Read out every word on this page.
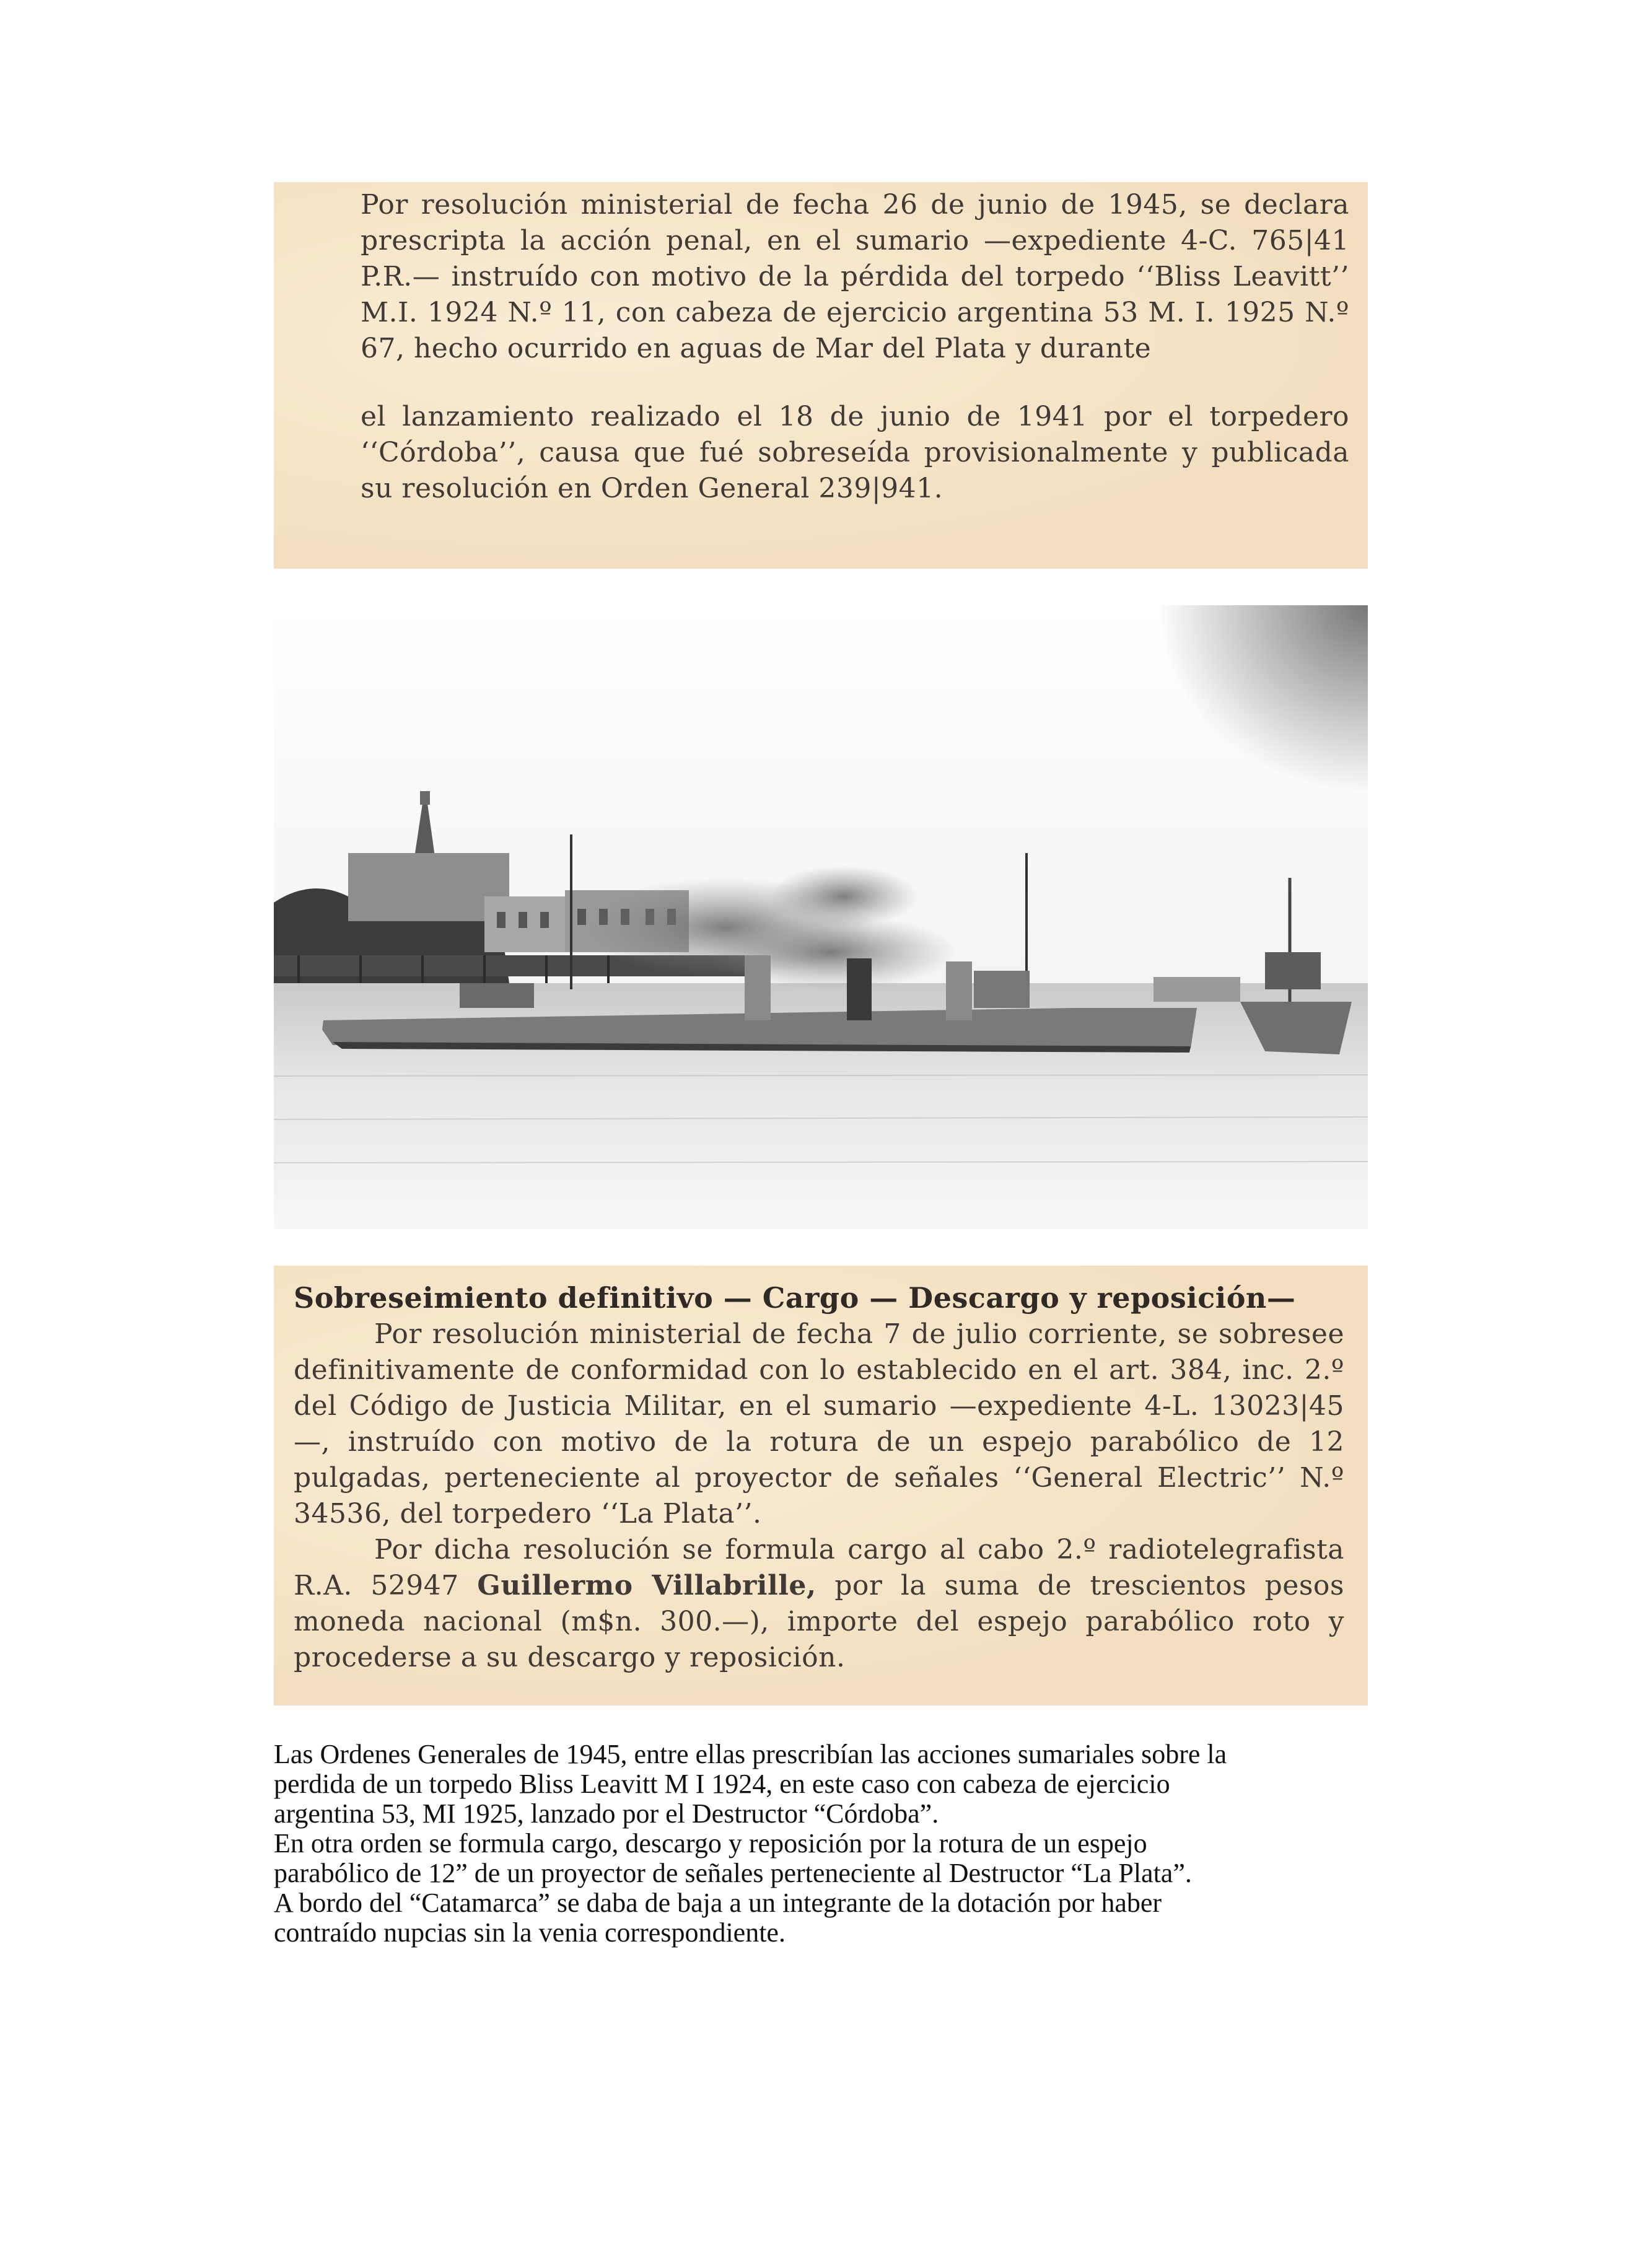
Por resolución ministerial de fecha 26 de junio de 1945, se declara prescripta la acción penal, en el sumario —expediente 4-C. 765|41 P.R.— instruído con motivo de la pérdida del torpedo ‘‘Bliss Leavitt’’ M.I. 1924 N.º 11, con cabeza de ejercicio argentina 53 M. I. 1925 N.º 67, hecho ocurrido en aguas de Mar del Plata y durante

el lanzamiento realizado el 18 de junio de 1941 por el torpedero ‘‘Córdoba’’, causa que fué sobreseída provisionalmente y publicada su resolución en Orden General 239|941.

Sobreseimiento definitivo — Cargo — Descargo y reposición—

Por resolución ministerial de fecha 7 de julio corriente, se sobresee definitivamente de conformidad con lo establecido en el art. 384, inc. 2.º del Código de Justicia Militar, en el sumario —expediente 4-L. 13023|45—, instruído con motivo de la rotura de un espejo parabólico de 12 pulgadas, perteneciente al proyector de señales ‘‘General Electric’’ N.º 34536, del torpedero ‘‘La Plata’’.

Por dicha resolución se formula cargo al cabo 2.º radiotelegrafista R.A. 52947 Guillermo Villabrille, por la suma de trescientos pesos moneda nacional (m$n. 300.—), importe del espejo parabólico roto y procederse a su descargo y reposición.

Las Ordenes Generales de 1945, entre ellas prescribían las acciones sumariales sobre la
perdida de un torpedo Bliss Leavitt M I 1924, en este caso con cabeza de ejercicio
argentina 53, MI 1925, lanzado por el Destructor “Córdoba”.
En otra orden se formula cargo, descargo y reposición por la rotura de un espejo
parabólico de 12” de un proyector de señales perteneciente al Destructor “La Plata”.
A bordo del “Catamarca” se daba de baja a un integrante de la dotación por haber
contraído nupcias sin la venia correspondiente.
